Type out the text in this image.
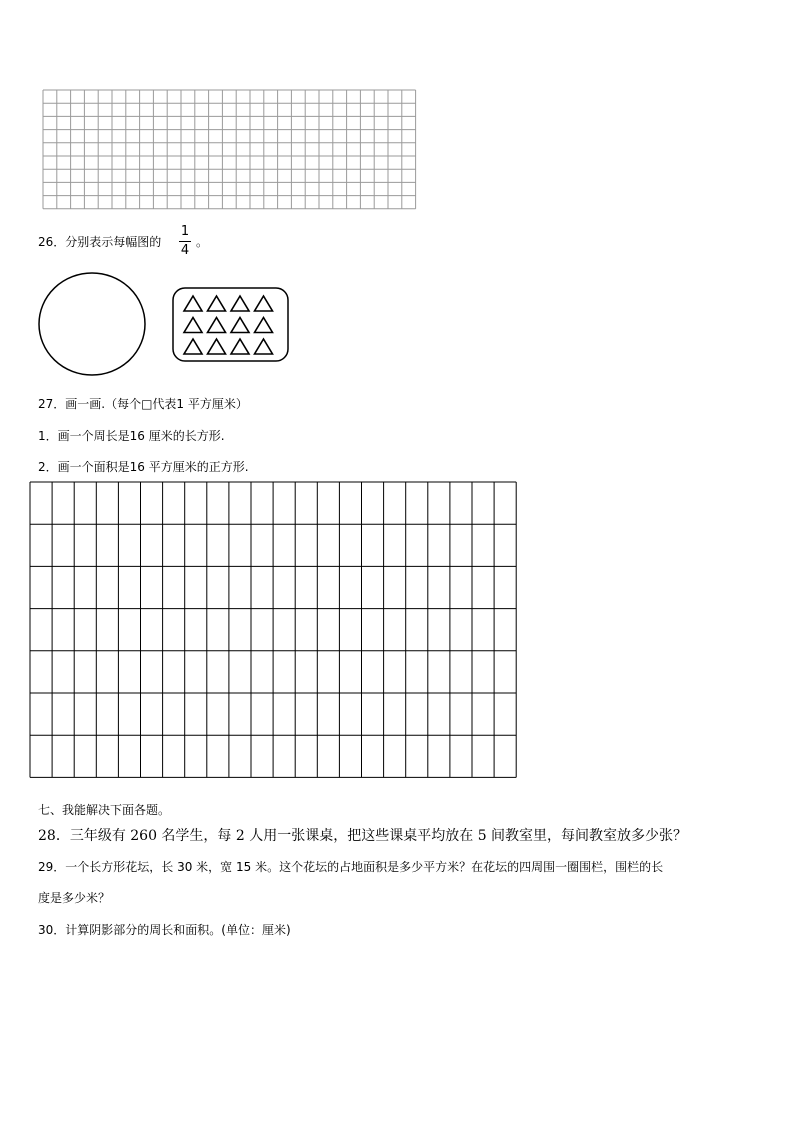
26．分别表示每幅图的
1
4
。
27．画一画.（每个□代表1 平方厘米）
1．画一个周长是16 厘米的长方形.
2．画一个面积是16 平方厘米的正方形.
七、我能解决下面各题。
28．三年级有 260 名学生，每 2 人用一张课桌，把这些课桌平均放在 5 间教室里，每间教室放多少张？
29．一个长方形花坛，长 30 米，宽 15 米。这个花坛的占地面积是多少平方米？在花坛的四周围一圈围栏，围栏的长
度是多少米？
30．计算阴影部分的周长和面积。(单位：厘米)
